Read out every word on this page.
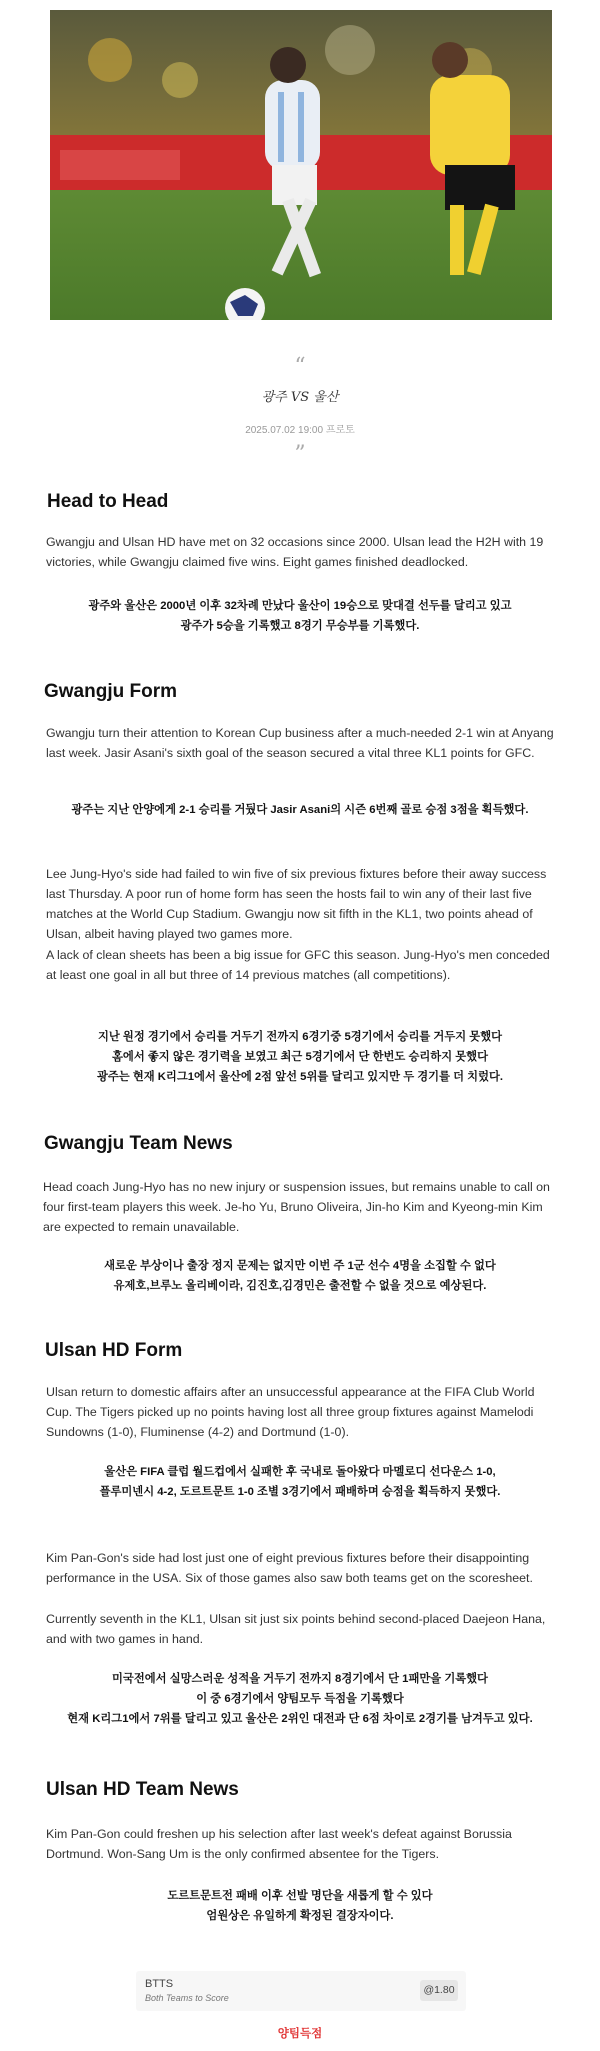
“
광주 VS 울산
2025.07.02 19:00 프로토
”
Head to Head

Gwangju and Ulsan HD have met on 32 occasions since 2000. Ulsan lead the H2H with 19 victories, while Gwangju claimed five wins. Eight games finished deadlocked.

광주와 울산은 2000년 이후 32차례 만났다 울산이 19승으로 맞대결 선두를 달리고 있고
광주가 5승을 기록했고 8경기 무승부를 기록했다.
Gwangju Form

Gwangju turn their attention to Korean Cup business after a much-needed 2-1 win at Anyang last week. Jasir Asani's sixth goal of the season secured a vital three KL1 points for GFC.

광주는 지난 안양에게 2-1 승리를 거뒀다 Jasir Asani의 시즌 6번째 골로 승점 3점을 획득했다.

Lee Jung-Hyo's side had failed to win five of six previous fixtures before their away success last Thursday. A poor run of home form has seen the hosts fail to win any of their last five matches at the World Cup Stadium. Gwangju now sit fifth in the KL1, two points ahead of Ulsan, albeit having played two games more.

A lack of clean sheets has been a big issue for GFC this season. Jung-Hyo's men conceded at least one goal in all but three of 14 previous matches (all competitions).

지난 원정 경기에서 승리를 거두기 전까지 6경기중 5경기에서 승리를 거두지 못했다
홈에서 좋지 않은 경기력을 보였고 최근 5경기에서 단 한번도 승리하지 못했다
광주는 현재 K리그1에서 울산에 2점 앞선 5위를 달리고 있지만 두 경기를 더 치렀다.
Gwangju Team News

Head coach Jung-Hyo has no new injury or suspension issues, but remains unable to call on four first-team players this week. Je-ho Yu, Bruno Oliveira, Jin-ho Kim and Kyeong-min Kim are expected to remain unavailable.

새로운 부상이나 출장 정지 문제는 없지만 이번 주 1군 선수 4명을 소집할 수 없다
유제호,브루노 올리베이라, 김진호,김경민은 출전할 수 없을 것으로 예상된다.
Ulsan HD Form

Ulsan return to domestic affairs after an unsuccessful appearance at the FIFA Club World Cup. The Tigers picked up no points having lost all three group fixtures against Mamelodi Sundowns (1-0), Fluminense (4-2) and Dortmund (1-0).

울산은 FIFA 클럽 월드컵에서 실패한 후 국내로 돌아왔다 마멜로디 선다운스 1-0,
플루미넨시 4-2, 도르트문트 1-0 조별 3경기에서 패배하며 승점을 획득하지 못했다.

Kim Pan-Gon's side had lost just one of eight previous fixtures before their disappointing performance in the USA. Six of those games also saw both teams get on the scoresheet.

Currently seventh in the KL1, Ulsan sit just six points behind second-placed Daejeon Hana, and with two games in hand.

미국전에서 실망스러운 성적을 거두기 전까지 8경기에서 단 1패만을 기록했다
이 중 6경기에서 양팀모두 득점을 기록했다
현재 K리그1에서 7위를 달리고 있고 울산은 2위인 대전과 단 6점 차이로 2경기를 남겨두고 있다.
Ulsan HD Team News

Kim Pan-Gon could freshen up his selection after last week's defeat against Borussia Dortmund. Won-Sang Um is the only confirmed absentee for the Tigers.

도르트문트전 패배 이후 선발 명단을 새롭게 할 수 있다
엄원상은 유일하게 확정된 결장자이다.
BTTS
Both Teams to Score
@1.80
양팀득점
